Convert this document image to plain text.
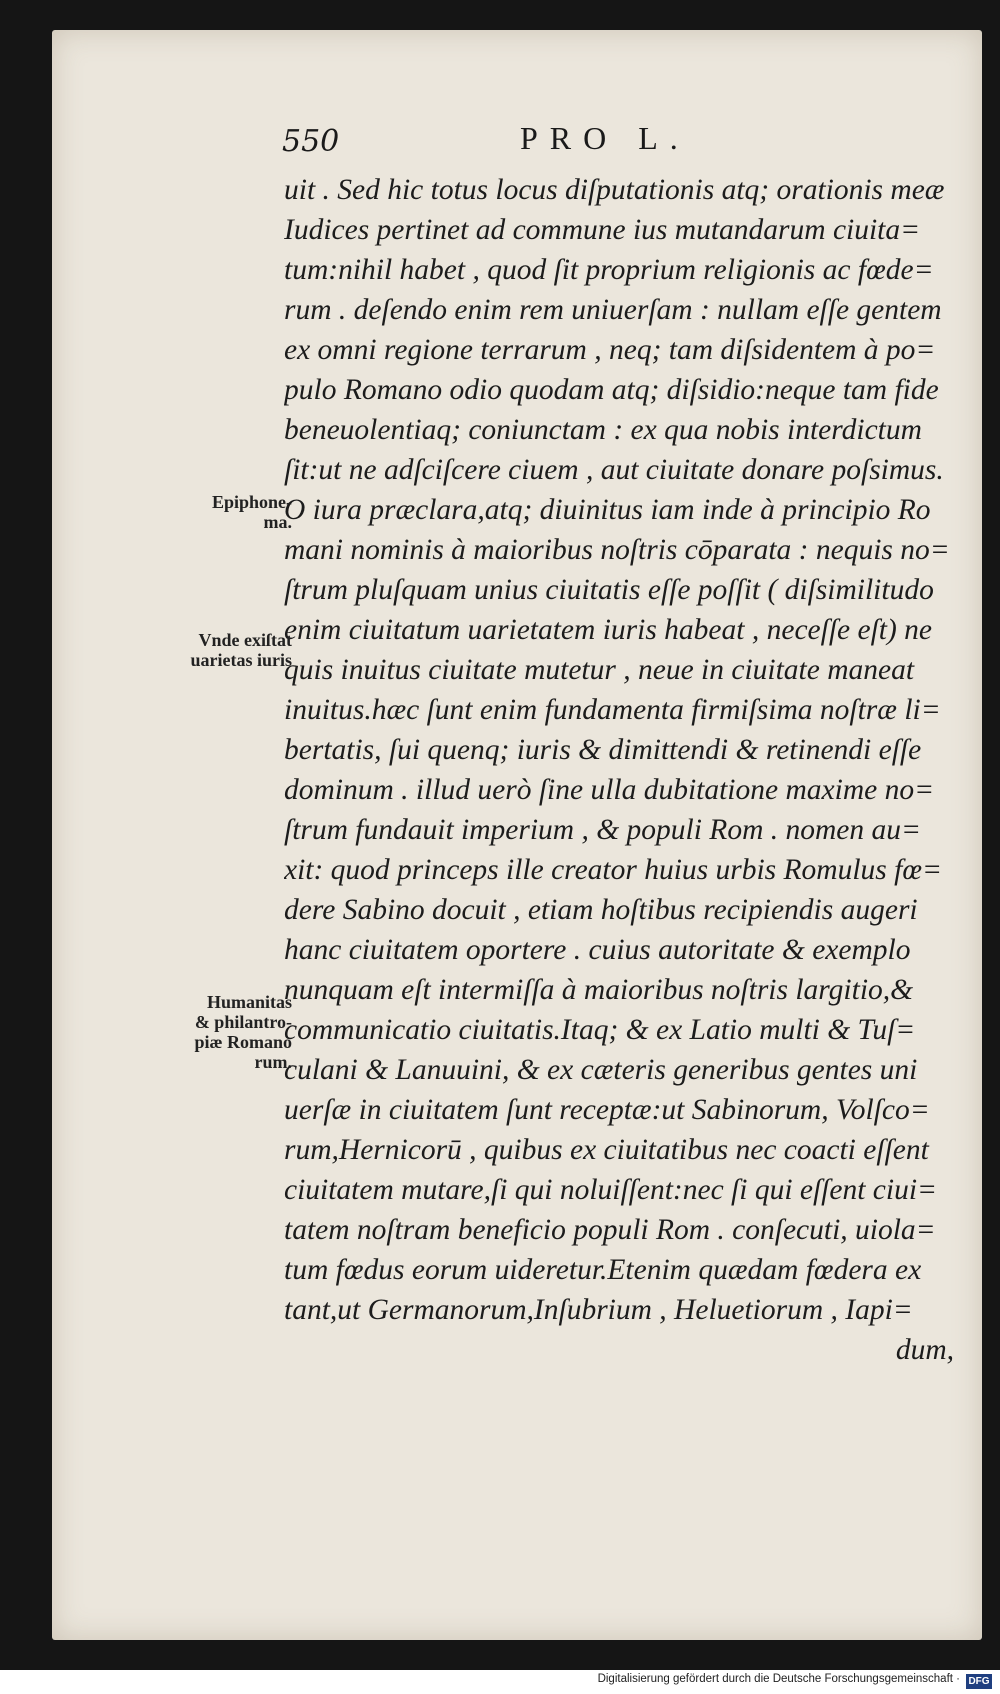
550	PRO L.
uit . Sed hic totus locus diſputationis atq; orationis meæ
Iudices pertinet ad commune ius mutandarum ciuita=
tum:nihil habet , quod ſit proprium religionis ac fœde=
rum . deſendo enim rem uniuerſam : nullam eſſe gentem
ex omni regione terrarum , neq; tam diſsidentem à po=
pulo Romano odio quodam atq; diſsidio:neque tam fide
beneuolentiaq; coniunctam : ex qua nobis interdictum
ſit:ut ne adſciſcere ciuem , aut ciuitate donare poſsimus.
O iura præclara,atq; diuinitus iam inde à principio Ro
mani nominis à maioribus noſtris cōparata : nequis no=
ſtrum pluſquam unius ciuitatis eſſe poſſit ( diſsimilitudo
enim ciuitatum uarietatem iuris habeat , neceſſe eſt) ne
quis inuitus ciuitate mutetur , neue in ciuitate maneat
inuitus.hæc ſunt enim fundamenta firmiſsima noſtræ li=
bertatis, ſui quenq; iuris & dimittendi & retinendi eſſe
dominum . illud uerò ſine ulla dubitatione maxime no=
ſtrum fundauit imperium , & populi Rom . nomen au=
xit: quod princeps ille creator huius urbis Romulus fœ=
dere Sabino docuit , etiam hoſtibus recipiendis augeri
hanc ciuitatem oportere . cuius autoritate & exemplo
nunquam eſt intermiſſa à maioribus noſtris largitio,&
communicatio ciuitatis.Itaq; & ex Latio multi & Tuſ=
culani & Lanuuini, & ex cæteris generibus gentes uni
uerſæ in ciuitatem ſunt receptæ:ut Sabinorum, Volſco=
rum,Hernicorū , quibus ex ciuitatibus nec coacti eſſent
ciuitatem mutare,ſi qui noluiſſent:nec ſi qui eſſent ciui=
tatem noſtram beneficio populi Rom . conſecuti, uiola=
tum fœdus eorum uideretur.Etenim quædam fœdera ex
tant,ut Germanorum,Inſubrium , Heluetiorum , Iapi=
dum,
Epiphone-
ma.
Vnde exiſtat
uarietas iuris
Humanitas
& philantro-
piæ Romano
rum.
Digitalisierung gefördert durch die Deutsche Forschungsgemeinschaft · DFG
